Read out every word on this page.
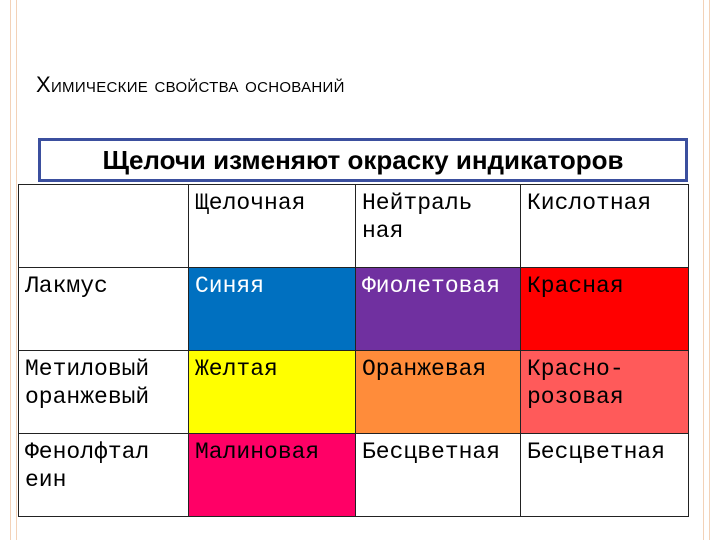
Химические свойства оснований
Щелочи изменяют окраску индикаторов
	Щелочная	Нейтраль ная	Кислотная
Лакмус	Синяя	Фиолетовая	Красная
Метиловый оранжевый	Желтая	Оранжевая	Красно-розовая
Фенолфтал еин	Малиновая	Бесцветная	Бесцветная
